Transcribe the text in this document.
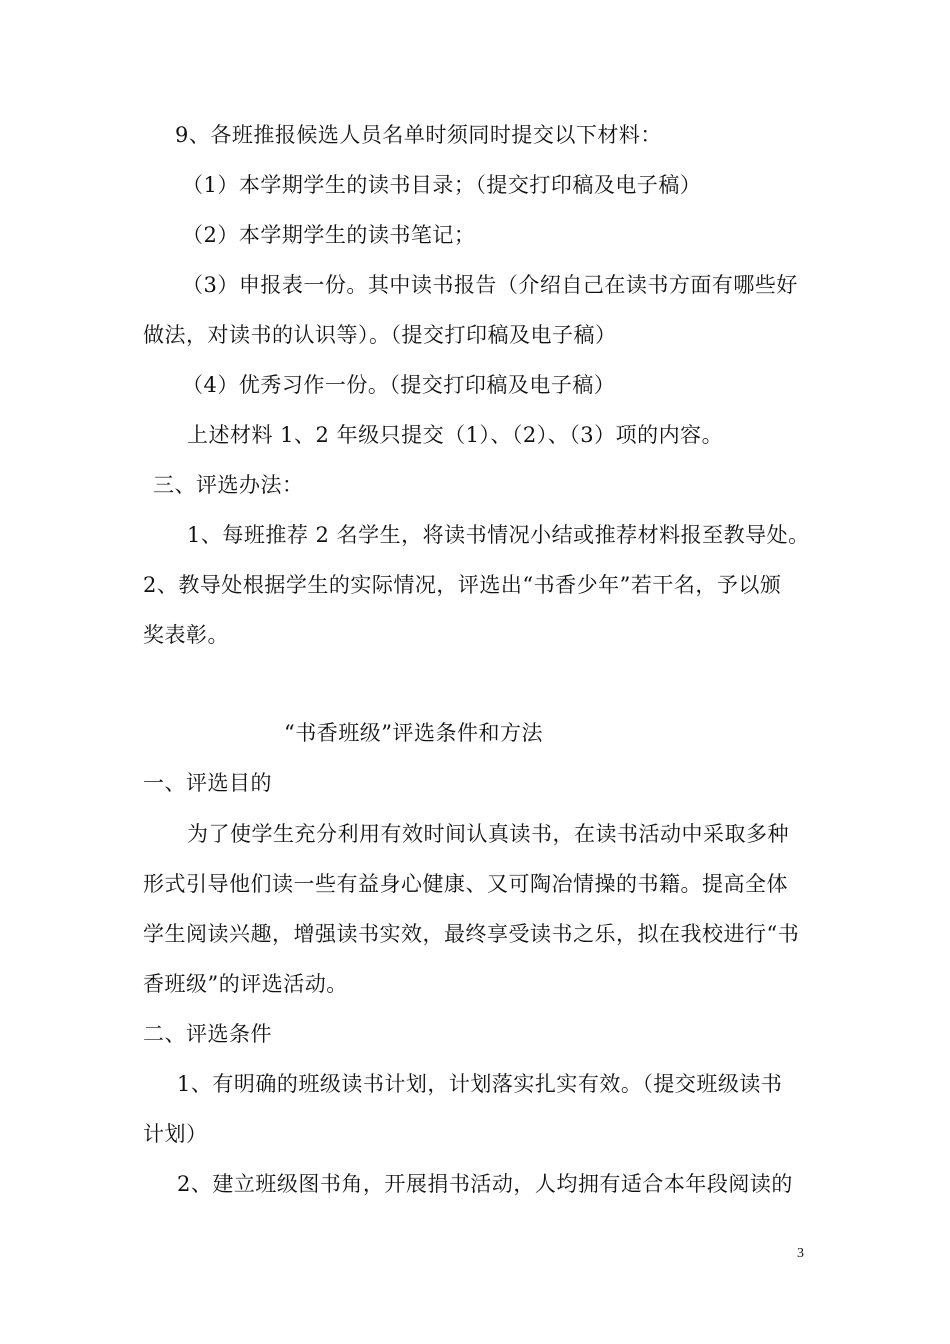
9、各班推报候选人员名单时须同时提交以下材料：
（1）本学期学生的读书目录；（提交打印稿及电子稿）
（2）本学期学生的读书笔记；
（3）申报表一份。其中读书报告（介绍自己在读书方面有哪些好
做法，对读书的认识等）。（提交打印稿及电子稿）
（4）优秀习作一份。（提交打印稿及电子稿）
上述材料 1、2 年级只提交（1）、（2）、（3）项的内容。
三、评选办法：
1、每班推荐 2 名学生，将读书情况小结或推荐材料报至教导处。
2、教导处根据学生的实际情况，评选出“书香少年”若干名，予以颁
奖表彰。
“书香班级”评选条件和方法
一、评选目的
为了使学生充分利用有效时间认真读书，在读书活动中采取多种
形式引导他们读一些有益身心健康、又可陶冶情操的书籍。提高全体
学生阅读兴趣，增强读书实效，最终享受读书之乐，拟在我校进行“书
香班级”的评选活动。
二、评选条件
1、有明确的班级读书计划，计划落实扎实有效。（提交班级读书
计划）
2、建立班级图书角，开展捐书活动，人均拥有适合本年段阅读的
3
